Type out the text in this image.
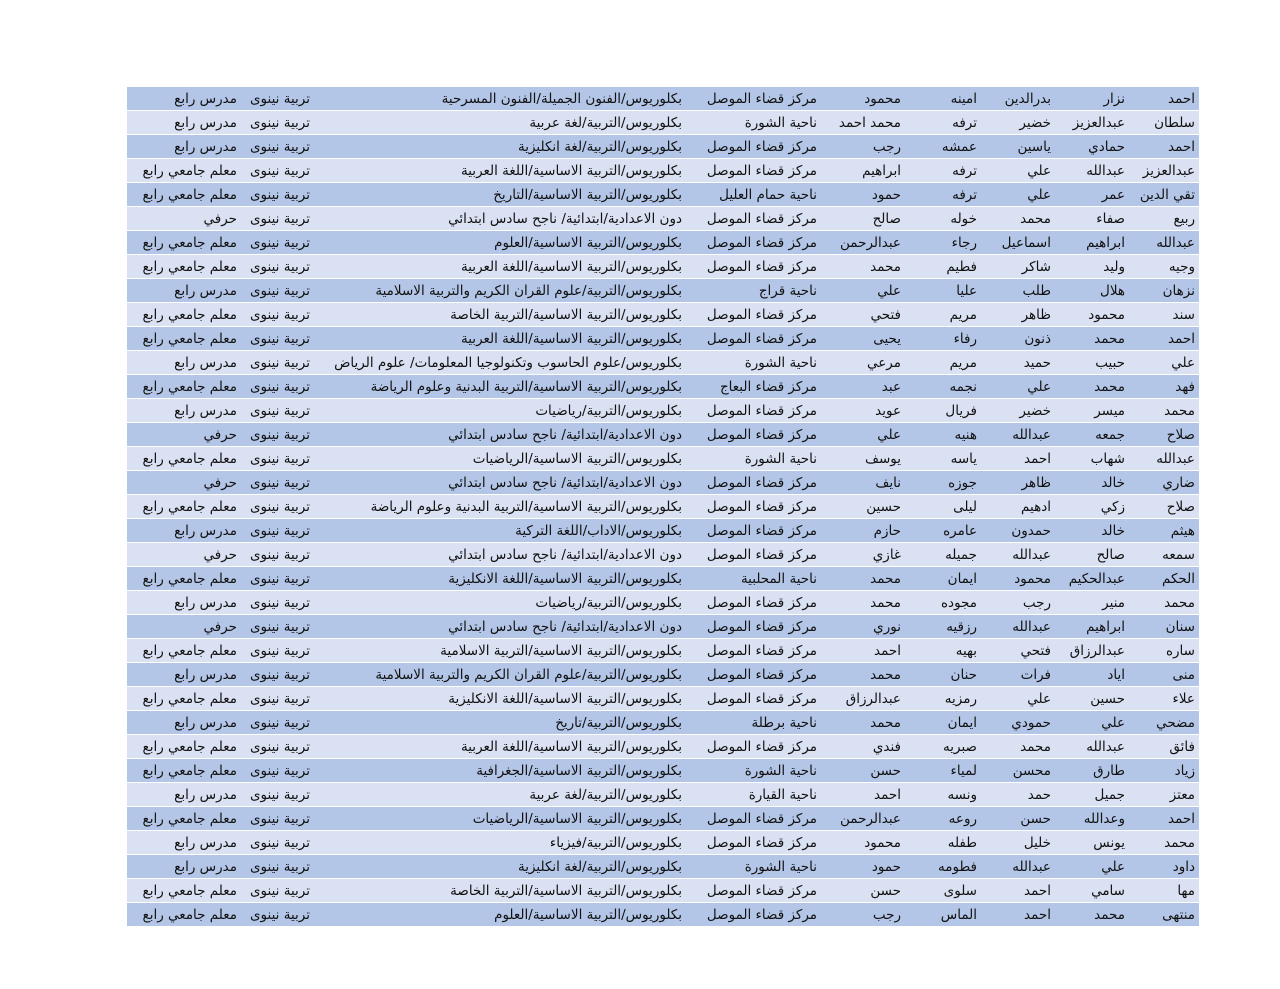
احمد	نزار	بدرالدين	امينه	محمود	مركز قضاء الموصل	بكلوريوس/الفنون الجميلة/الفنون المسرحية	تربية نينوى	مدرس رابع
سلطان	عبدالعزيز	خضير	ترفه	محمد احمد	ناحية الشورة	بكلوريوس/التربية/لغة عربية	تربية نينوى	مدرس رابع
احمد	حمادي	ياسين	عمشه	رجب	مركز قضاء الموصل	بكلوريوس/التربية/لغة انكليزية	تربية نينوى	مدرس رابع
عبدالعزيز	عبدالله	علي	ترفه	ابراهيم	مركز قضاء الموصل	بكلوريوس/التربية الاساسية/اللغة العربية	تربية نينوى	معلم جامعي رابع
تقي الدين	عمر	علي	ترفه	حمود	ناحية حمام العليل	بكلوريوس/التربية الاساسية/التاريخ	تربية نينوى	معلم جامعي رابع
ربيع	صفاء	محمد	خوله	صالح	مركز قضاء الموصل	دون الاعدادية/ابتدائية/ ناجح سادس ابتدائي	تربية نينوى	حرفي
عبدالله	ابراهيم	اسماعيل	رجاء	عبدالرحمن	مركز قضاء الموصل	بكلوريوس/التربية الاساسية/العلوم	تربية نينوى	معلم جامعي رابع
وجيه	وليد	شاكر	فطيم	محمد	مركز قضاء الموصل	بكلوريوس/التربية الاساسية/اللغة العربية	تربية نينوى	معلم جامعي رابع
نزهان	هلال	طلب	عليا	علي	ناحية قراج	بكلوريوس/التربية/علوم القران الكريم والتربية الاسلامية	تربية نينوى	مدرس رابع
سند	محمود	ظاهر	مريم	فتحي	مركز قضاء الموصل	بكلوريوس/التربية الاساسية/التربية الخاصة	تربية نينوى	معلم جامعي رابع
احمد	محمد	ذنون	رفاء	يحيى	مركز قضاء الموصل	بكلوريوس/التربية الاساسية/اللغة العربية	تربية نينوى	معلم جامعي رابع
علي	حبيب	حميد	مريم	مرعي	ناحية الشورة	بكلوريوس/علوم الحاسوب وتكنولوجيا المعلومات/ علوم الرياض	تربية نينوى	مدرس رابع
فهد	محمد	علي	نجمه	عبد	مركز قضاء البعاج	بكلوريوس/التربية الاساسية/التربية البدنية وعلوم الرياضة	تربية نينوى	معلم جامعي رابع
محمد	ميسر	خضير	فريال	عويد	مركز قضاء الموصل	بكلوريوس/التربية/رياضيات	تربية نينوى	مدرس رابع
صلاح	جمعه	عبدالله	هنيه	علي	مركز قضاء الموصل	دون الاعدادية/ابتدائية/ ناجح سادس ابتدائي	تربية نينوى	حرفي
عبدالله	شهاب	احمد	ياسه	يوسف	ناحية الشورة	بكلوريوس/التربية الاساسية/الرياضيات	تربية نينوى	معلم جامعي رابع
ضاري	خالد	ظاهر	جوزه	نايف	مركز قضاء الموصل	دون الاعدادية/ابتدائية/ ناجح سادس ابتدائي	تربية نينوى	حرفي
صلاح	زكي	ادهيم	ليلى	حسين	مركز قضاء الموصل	بكلوريوس/التربية الاساسية/التربية البدنية وعلوم الرياضة	تربية نينوى	معلم جامعي رابع
هيثم	خالد	حمدون	عامره	حازم	مركز قضاء الموصل	بكلوريوس/الاداب/اللغة التركية	تربية نينوى	مدرس رابع
سمعه	صالح	عبدالله	جميله	غازي	مركز قضاء الموصل	دون الاعدادية/ابتدائية/ ناجح سادس ابتدائي	تربية نينوى	حرفي
الحكم	عبدالحكيم	محمود	ايمان	محمد	ناحية المحلبية	بكلوريوس/التربية الاساسية/اللغة الانكليزية	تربية نينوى	معلم جامعي رابع
محمد	منير	رجب	مجوده	محمد	مركز قضاء الموصل	بكلوريوس/التربية/رياضيات	تربية نينوى	مدرس رابع
سنان	ابراهيم	عبدالله	رزقيه	نوري	مركز قضاء الموصل	دون الاعدادية/ابتدائية/ ناجح سادس ابتدائي	تربية نينوى	حرفي
ساره	عبدالرزاق	فتحي	بهيه	احمد	مركز قضاء الموصل	بكلوريوس/التربية الاساسية/التربية الاسلامية	تربية نينوى	معلم جامعي رابع
منى	اياد	فرات	حنان	محمد	مركز قضاء الموصل	بكلوريوس/التربية/علوم القران الكريم والتربية الاسلامية	تربية نينوى	مدرس رابع
علاء	حسين	علي	رمزيه	عبدالرزاق	مركز قضاء الموصل	بكلوريوس/التربية الاساسية/اللغة الانكليزية	تربية نينوى	معلم جامعي رابع
مضحي	علي	حمودي	ايمان	محمد	ناحية برطلة	بكلوريوس/التربية/تاريخ	تربية نينوى	مدرس رابع
فائق	عبدالله	محمد	صبريه	فندي	مركز قضاء الموصل	بكلوريوس/التربية الاساسية/اللغة العربية	تربية نينوى	معلم جامعي رابع
زياد	طارق	محسن	لمياء	حسن	ناحية الشورة	بكلوريوس/التربية الاساسية/الجغرافية	تربية نينوى	معلم جامعي رابع
معتز	جميل	حمد	ونسه	احمد	ناحية القيارة	بكلوريوس/التربية/لغة عربية	تربية نينوى	مدرس رابع
احمد	وعدالله	حسن	روعه	عبدالرحمن	مركز قضاء الموصل	بكلوريوس/التربية الاساسية/الرياضيات	تربية نينوى	معلم جامعي رابع
محمد	يونس	خليل	طفله	محمود	مركز قضاء الموصل	بكلوريوس/التربية/فيزياء	تربية نينوى	مدرس رابع
داود	علي	عبدالله	فطومه	حمود	ناحية الشورة	بكلوريوس/التربية/لغة انكليزية	تربية نينوى	مدرس رابع
مها	سامي	احمد	سلوى	حسن	مركز قضاء الموصل	بكلوريوس/التربية الاساسية/التربية الخاصة	تربية نينوى	معلم جامعي رابع
منتهى	محمد	احمد	الماس	رجب	مركز قضاء الموصل	بكلوريوس/التربية الاساسية/العلوم	تربية نينوى	معلم جامعي رابع
